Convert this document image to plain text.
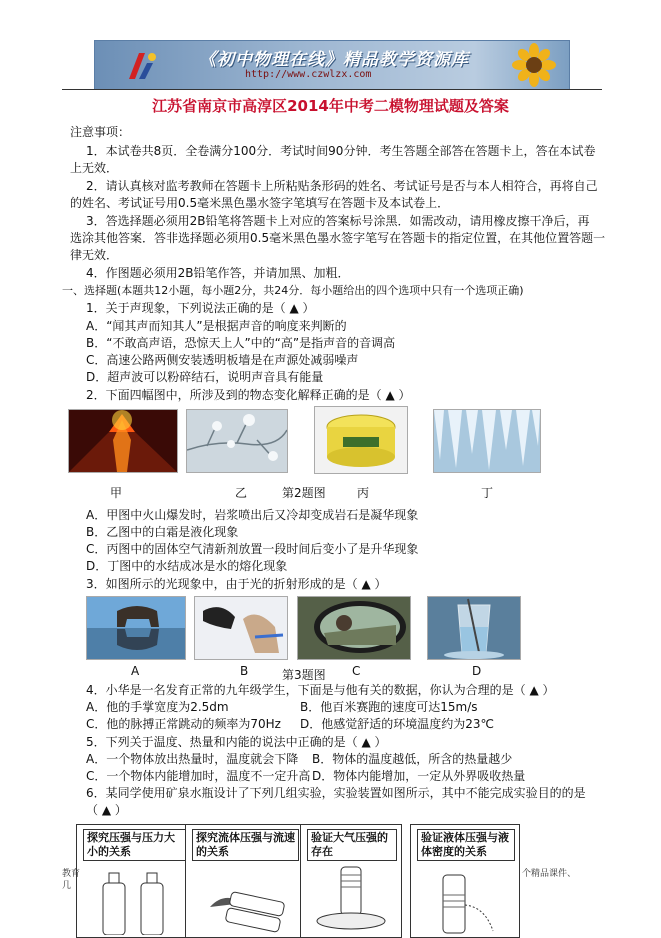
《初中物理在线》精品教学资源库
http://www.czwlzx.com
江苏省南京市高淳区2014年中考二模物理试题及答案
注意事项：
1．本试卷共8页．全卷满分100分．考试时间90分钟．考生答题全部答在答题卡上，答在本试卷
上无效．
2．请认真核对监考教师在答题卡上所粘贴条形码的姓名、考试证号是否与本人相符合，再将自己
的姓名、考试证号用0.5毫米黑色墨水签字笔填写在答题卡及本试卷上．
3．答选择题必须用2B铅笔将答题卡上对应的答案标号涂黑．如需改动，请用橡皮擦干净后，再
选涂其他答案．答非选择题必须用0.5毫米黑色墨水签字笔写在答题卡的指定位置，在其他位置答题一
律无效．
4．作图题必须用2B铅笔作答，并请加黑、加粗．
一、选择题(本题共12小题，每小题2分，共24分．每小题给出的四个选项中只有一个选项正确)
1．关于声现象，下列说法正确的是（ ▲ ）
A．“闻其声而知其人”是根据声音的响度来判断的
B．“不敢高声语，恐惊天上人”中的“高”是指声音的音调高
C．高速公路两侧安装透明板墙是在声源处减弱噪声
D．超声波可以粉碎结石，说明声音具有能量
2．下面四幅图中，所涉及到的物态变化解释正确的是（ ▲ ）
甲	乙	第2题图	丙	丁
A．甲图中火山爆发时，岩浆喷出后又冷却变成岩石是凝华现象
B．乙图中的白霜是液化现象
C．丙图中的固体空气清新剂放置一段时间后变小了是升华现象
D．丁图中的水结成冰是水的熔化现象
3．如图所示的光现象中，由于光的折射形成的是（ ▲ ）
A	B	C	D
第3题图
4．小华是一名发育正常的九年级学生，下面是与他有关的数据，你认为合理的是（ ▲ ）
A．他的手掌宽度为2.5dm	B．他百米赛跑的速度可达15m/s
C．他的脉搏正常跳动的频率为70Hz D．他感觉舒适的环境温度约为23℃
5．下列关于温度、热量和内能的说法中正确的是（ ▲ ）
A．一个物体放出热量时，温度就会下降 B．物体的温度越低，所含的热量越少
C．一个物体内能增加时，温度不一定升高 D．物体内能增加，一定从外界吸收热量
6．某同学使用矿泉水瓶设计了下列几组实验，实验装置如图所示，其中不能完成实验目的的是
（ ▲ ）
探究压强与压力大小的关系
探究流体压强与流速的关系
验证大气压强的存在
验证液体压强与液体密度的关系
教育
几
个精品课件、
